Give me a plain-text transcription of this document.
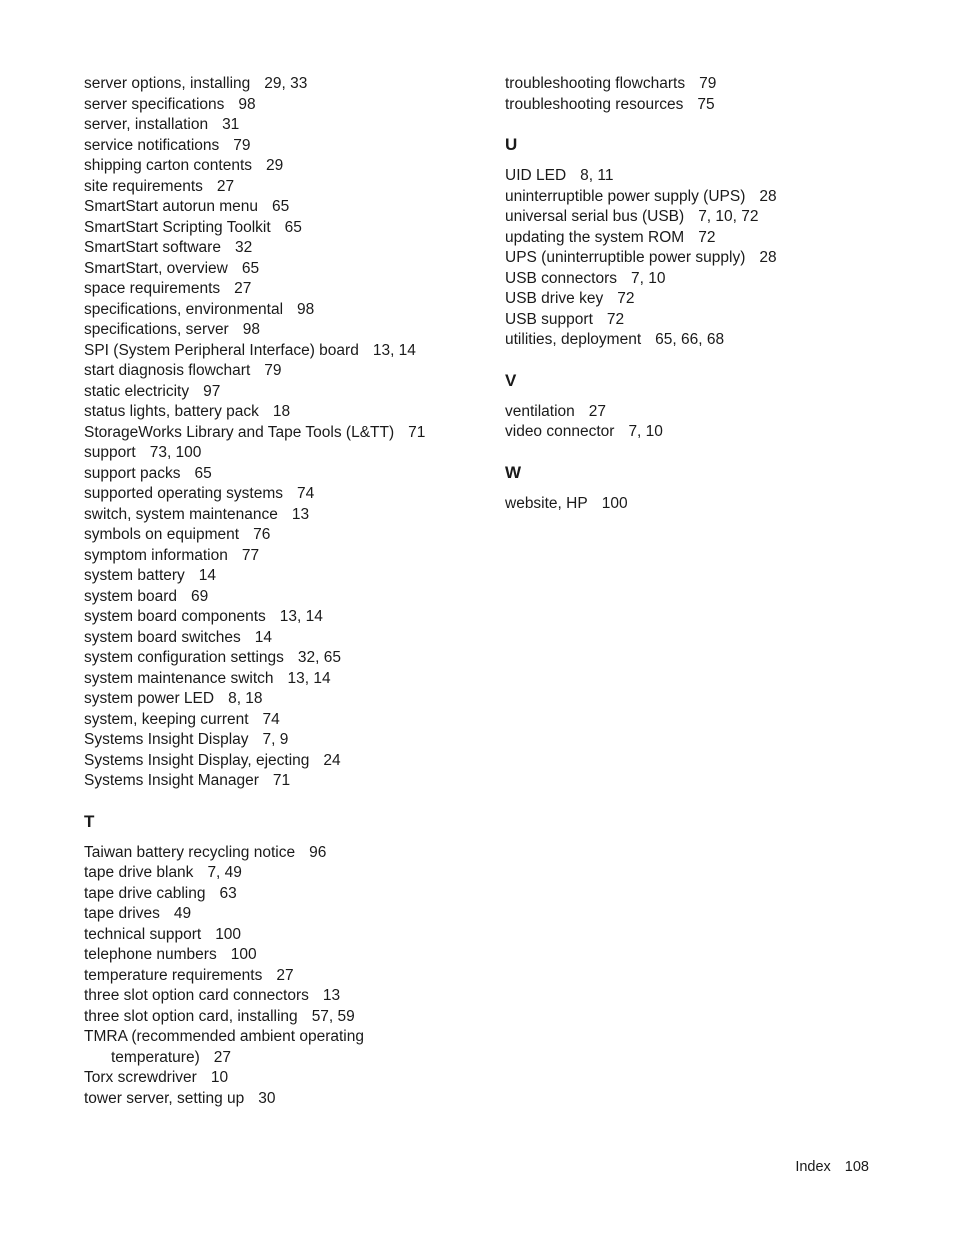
server options, installing 29, 33
server specifications 98
server, installation 31
service notifications 79
shipping carton contents 29
site requirements 27
SmartStart autorun menu 65
SmartStart Scripting Toolkit 65
SmartStart software 32
SmartStart, overview 65
space requirements 27
specifications, environmental 98
specifications, server 98
SPI (System Peripheral Interface) board 13, 14
start diagnosis flowchart 79
static electricity 97
status lights, battery pack 18
StorageWorks Library and Tape Tools (L&TT) 71
support 73, 100
support packs 65
supported operating systems 74
switch, system maintenance 13
symbols on equipment 76
symptom information 77
system battery 14
system board 69
system board components 13, 14
system board switches 14
system configuration settings 32, 65
system maintenance switch 13, 14
system power LED 8, 18
system, keeping current 74
Systems Insight Display 7, 9
Systems Insight Display, ejecting 24
Systems Insight Manager 71
T
Taiwan battery recycling notice 96
tape drive blank 7, 49
tape drive cabling 63
tape drives 49
technical support 100
telephone numbers 100
temperature requirements 27
three slot option card connectors 13
three slot option card, installing 57, 59
TMRA (recommended ambient operating
temperature) 27
Torx screwdriver 10
tower server, setting up 30
troubleshooting flowcharts 79
troubleshooting resources 75
U
UID LED 8, 11
uninterruptible power supply (UPS) 28
universal serial bus (USB) 7, 10, 72
updating the system ROM 72
UPS (uninterruptible power supply) 28
USB connectors 7, 10
USB drive key 72
USB support 72
utilities, deployment 65, 66, 68
V
ventilation 27
video connector 7, 10
W
website, HP 100
Index 108
